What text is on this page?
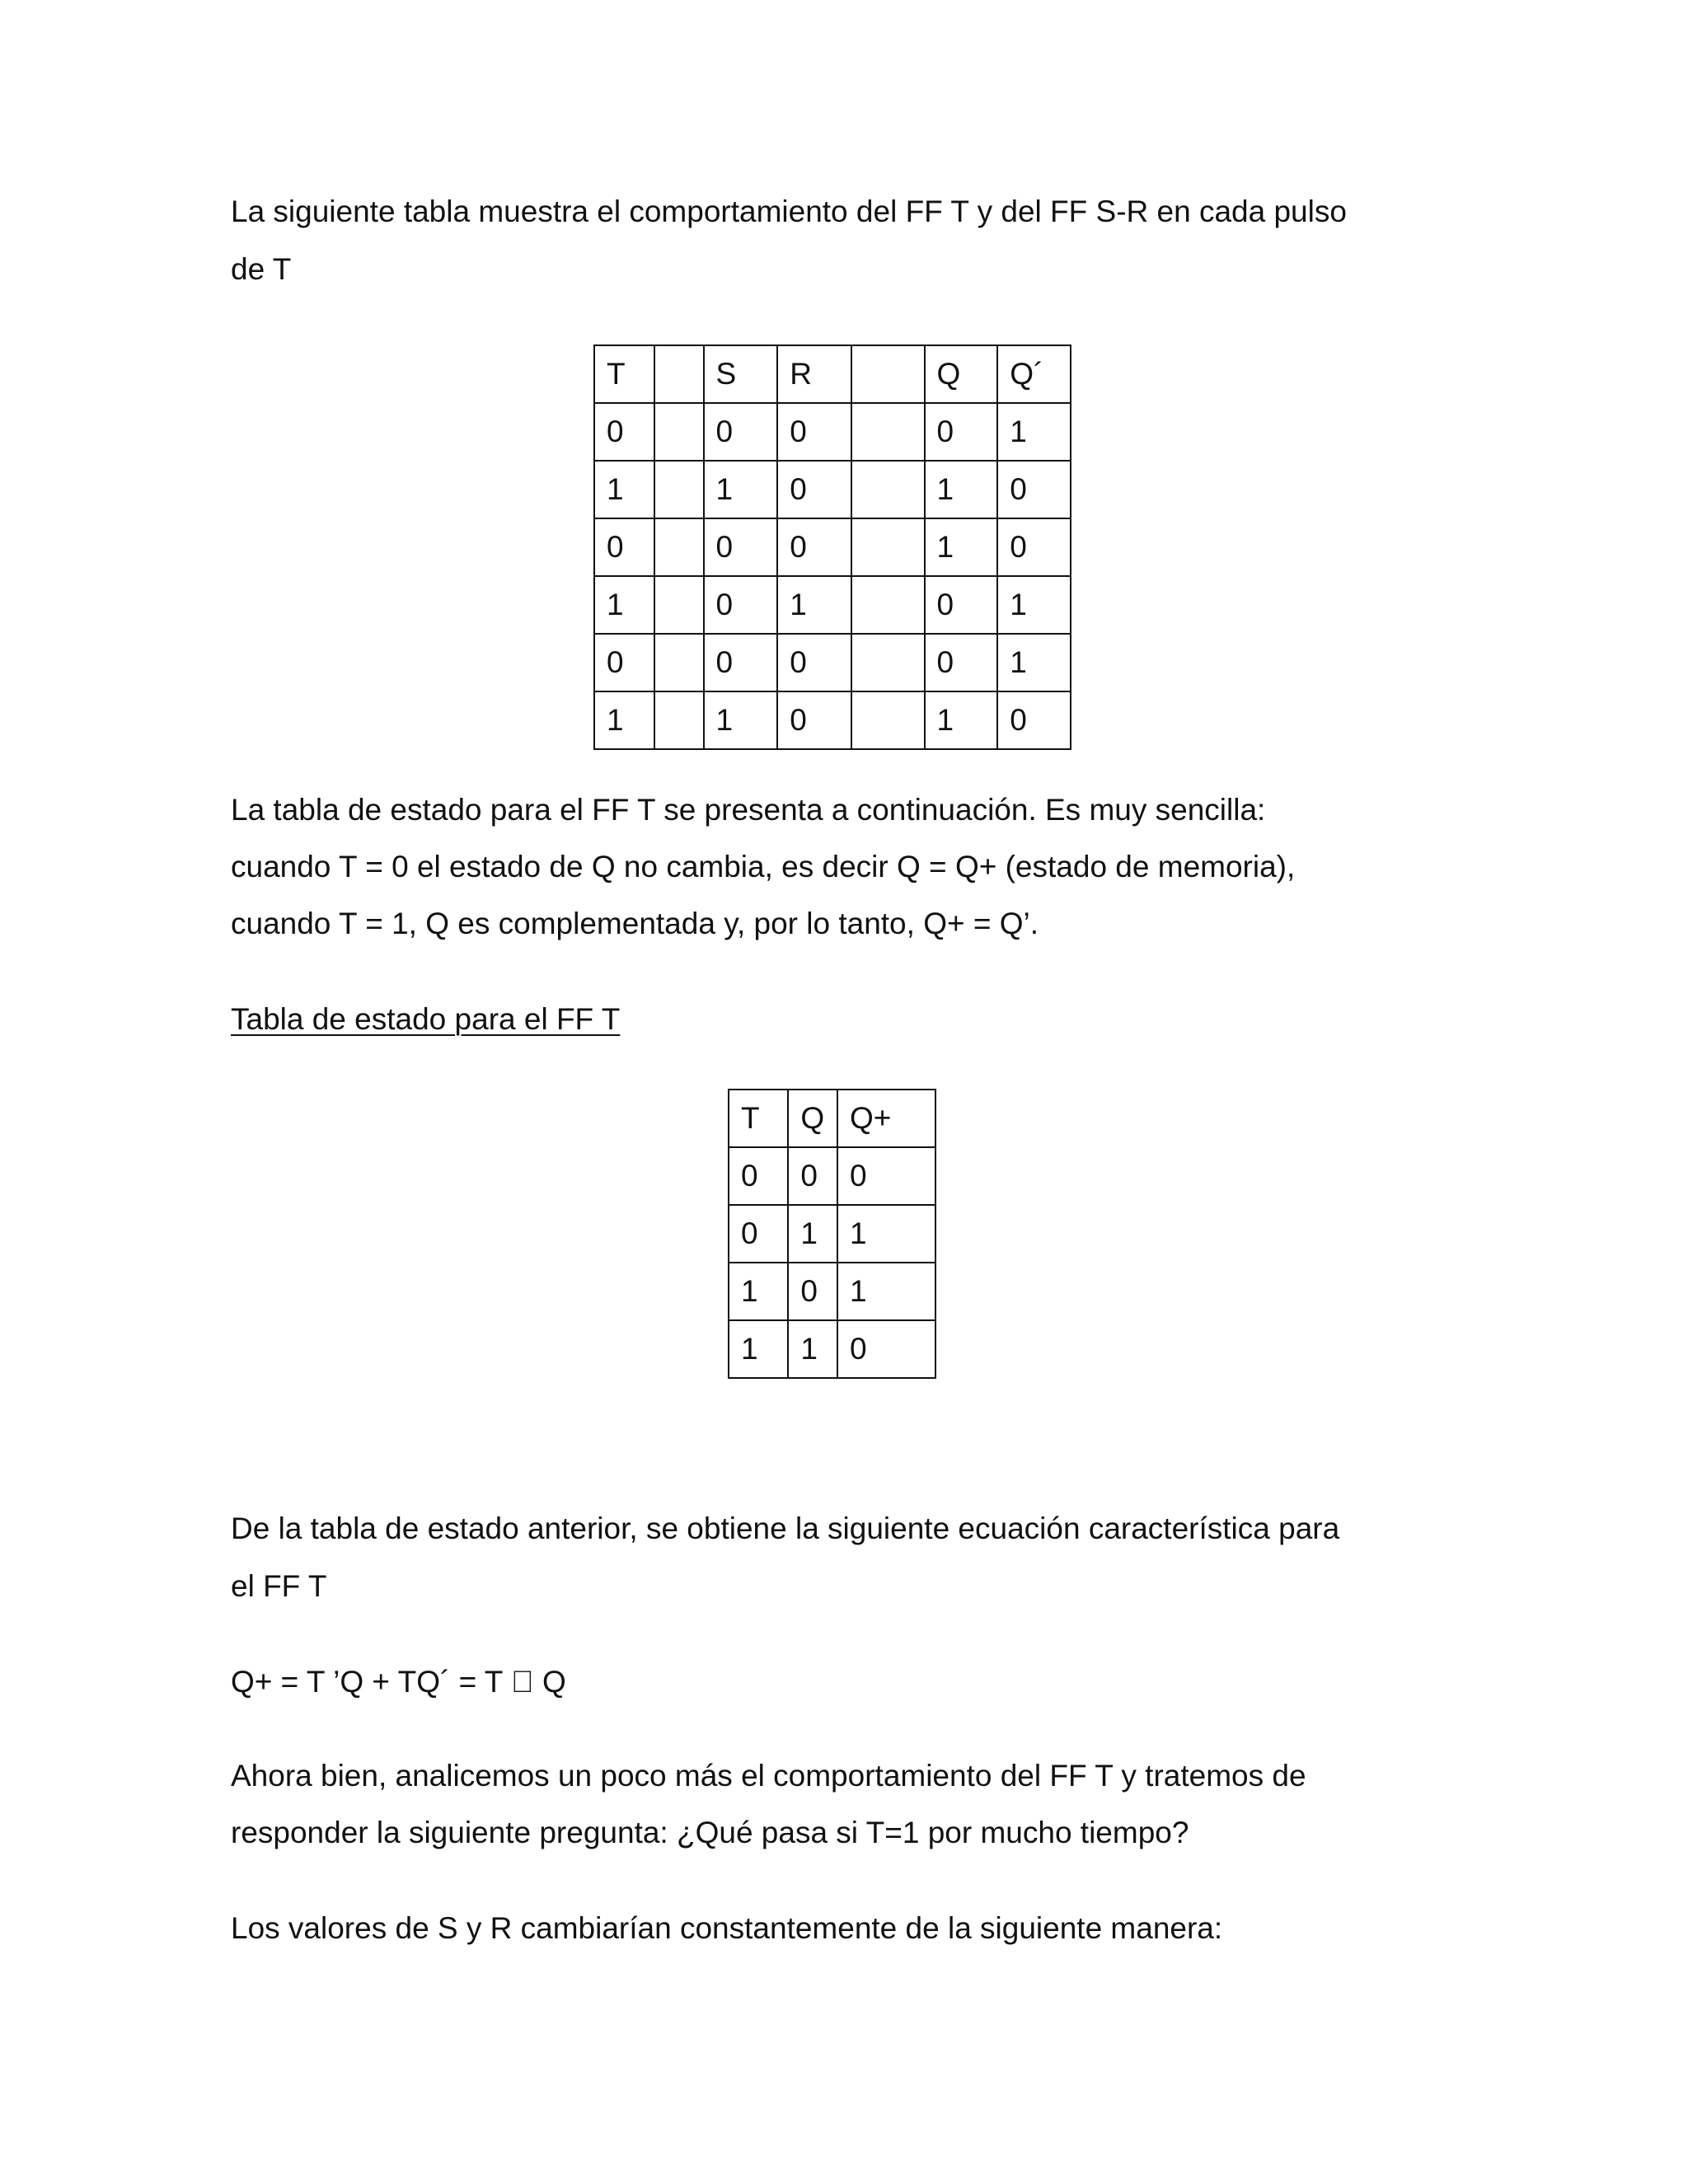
La siguiente tabla muestra el comportamiento del FF T y del FF S-R en cada pulso

de T

T		S	R		Q	Q´
0		0	0		0	1
1		1	0		1	0
0		0	0		1	0
1		0	1		0	1
0		0	0		0	1
1		1	0		1	0

La tabla de estado para el FF T se presenta a continuación. Es muy sencilla:

cuando T = 0 el estado de Q no cambia, es decir Q = Q+ (estado de memoria),

cuando T = 1, Q es complementada y, por lo tanto, Q+ = Q’.

Tabla de estado para el FF T

T	Q	Q+
0	0	0
0	1	1
1	0	1
1	1	0

De la tabla de estado anterior, se obtiene la siguiente ecuación característica para

el FF T

Q+ = T ’Q + TQ´ = T Q

Ahora bien, analicemos un poco más el comportamiento del FF T y tratemos de

responder la siguiente pregunta: ¿Qué pasa si T=1 por mucho tiempo?

Los valores de S y R cambiarían constantemente de la siguiente manera:
